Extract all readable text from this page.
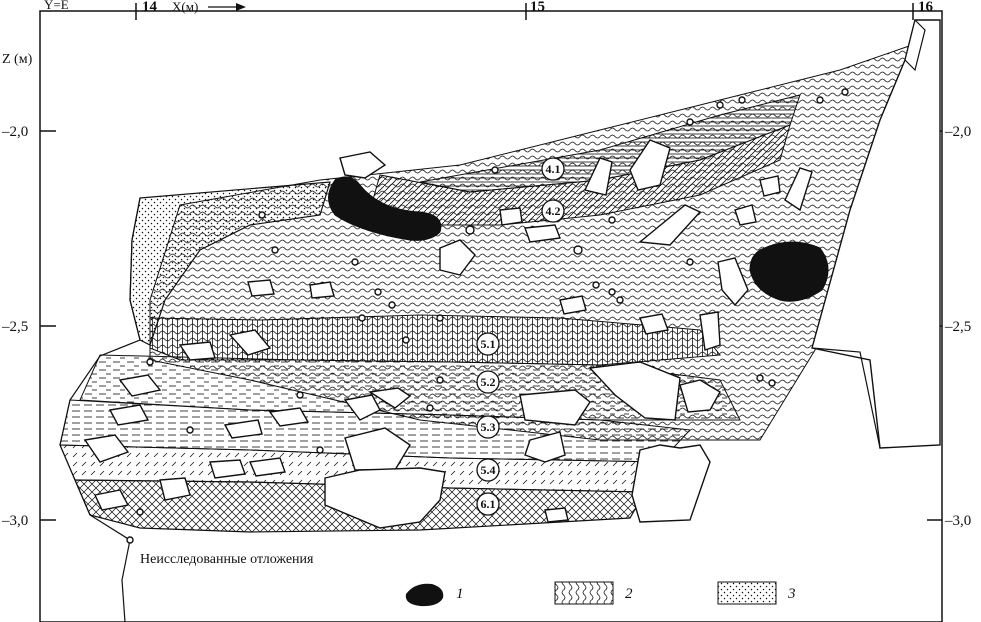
Y=E	14 X(м)	15	16
Z (м)
–2,0
–2,5
–3,0
–2,0
–2,5
–3,0
4.1
4.2
5.1
5.2
5.3
5.4
6.1
Неисследованные отложения
1	2	3
